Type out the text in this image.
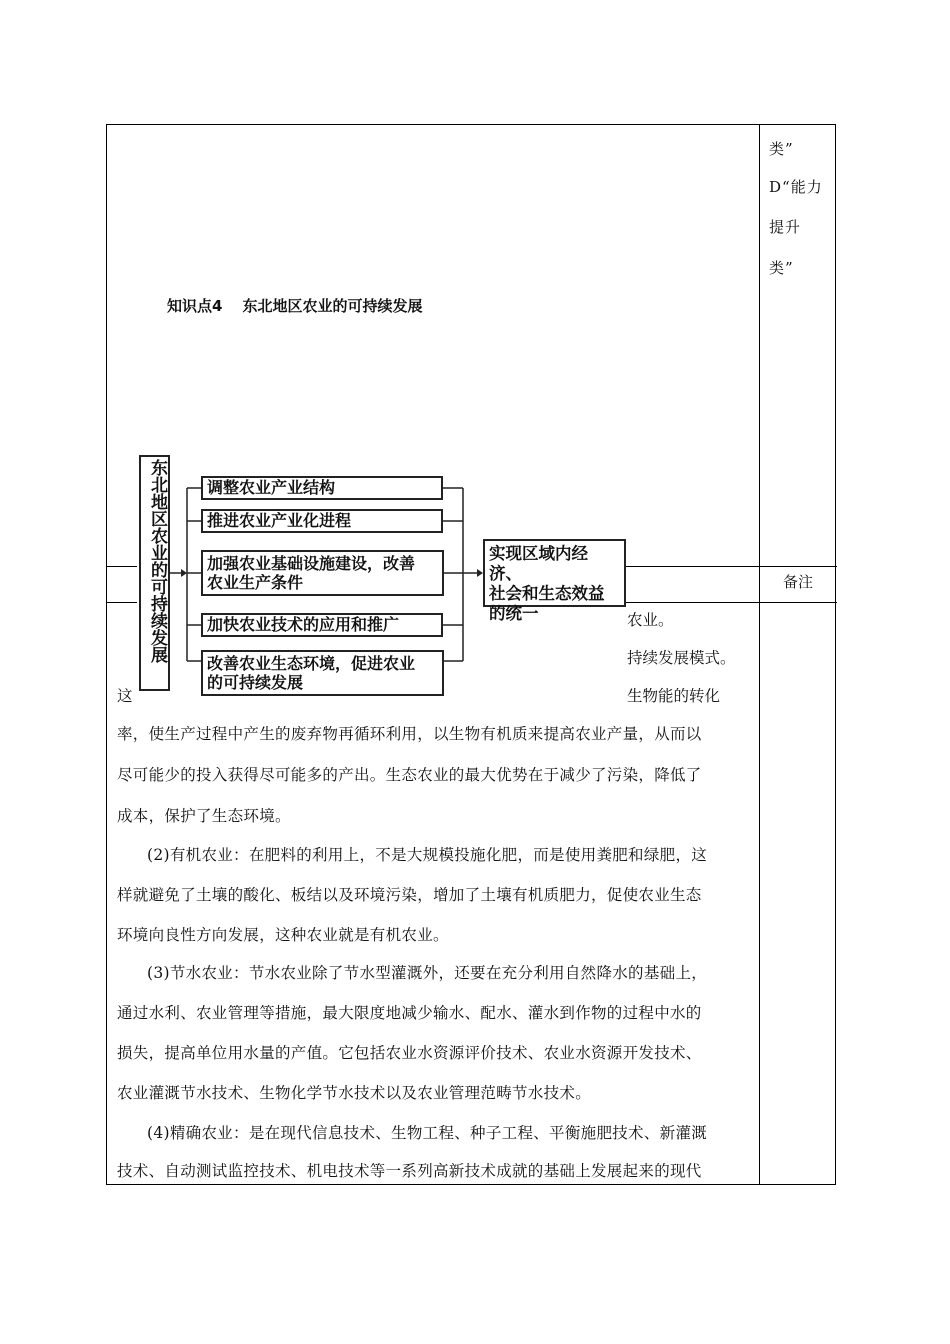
类”
D“能力
提升
类”
备注
知识点4 东北地区农业的可持续发展
农业。
持续发展模式。
这	生物能的转化
东北地区农业的可持续发展	调整农业产业结构
推进农业产业化进程
加强农业基础设施建设，改善
农业生产条件
加快农业技术的应用和推广
改善农业生态环境，促进农业
的可持续发展
实现区域内经济、
社会和生态效益
的统一
率，使生产过程中产生的废弃物再循环利用，以生物有机质来提高农业产量，从而以
尽可能少的投入获得尽可能多的产出。生态农业的最大优势在于减少了污染，降低了
成本，保护了生态环境。
(2)有机农业：在肥料的利用上，不是大规模投施化肥，而是使用粪肥和绿肥，这
样就避免了土壤的酸化、板结以及环境污染，增加了土壤有机质肥力，促使农业生态
环境向良性方向发展，这种农业就是有机农业。
(3)节水农业：节水农业除了节水型灌溉外，还要在充分利用自然降水的基础上，
通过水利、农业管理等措施，最大限度地减少输水、配水、灌水到作物的过程中水的
损失，提高单位用水量的产值。它包括农业水资源评价技术、农业水资源开发技术、
农业灌溉节水技术、生物化学节水技术以及农业管理范畴节水技术。
(4)精确农业：是在现代信息技术、生物工程、种子工程、平衡施肥技术、新灌溉
技术、自动测试监控技术、机电技术等一系列高新技术成就的基础上发展起来的现代
